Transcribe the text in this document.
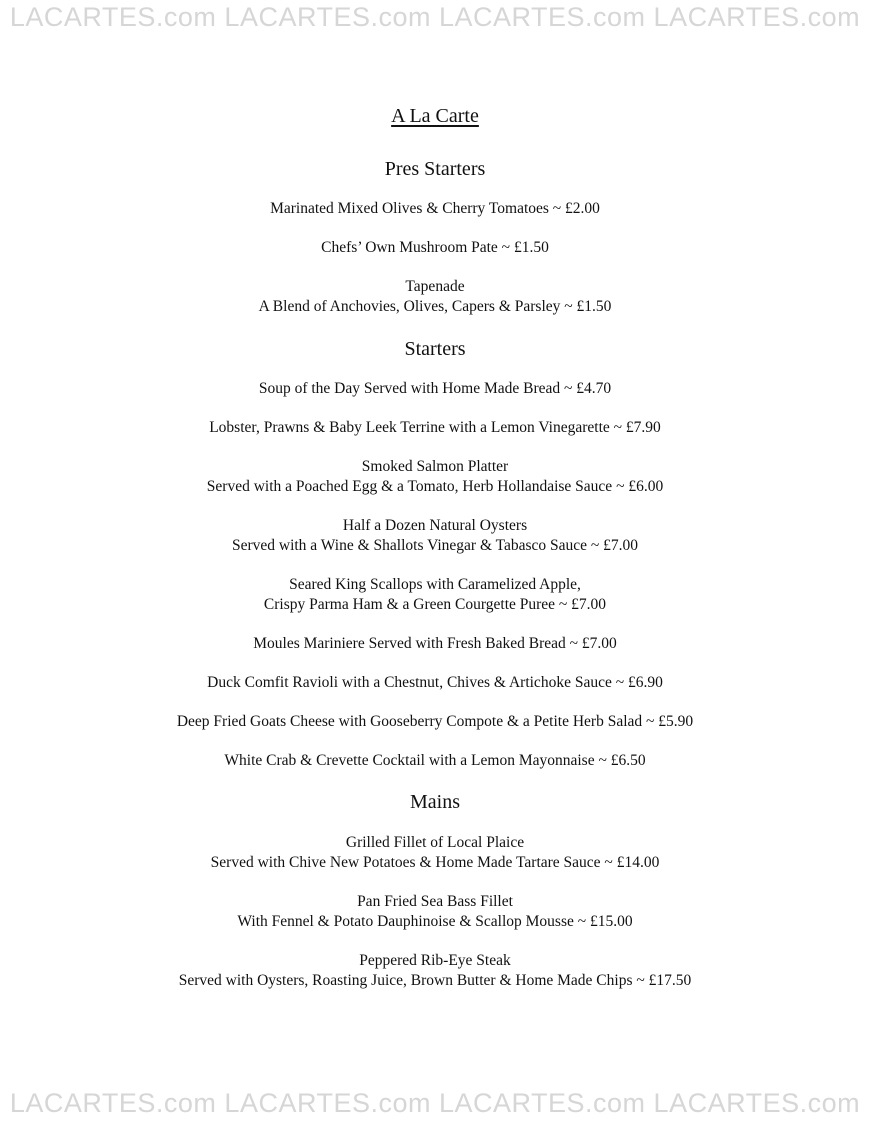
LACARTES.com LACARTES.com LACARTES.com LACARTES.com
A La Carte
Pres Starters
Marinated Mixed Olives & Cherry Tomatoes ~ £2.00
Chefs’ Own Mushroom Pate ~ £1.50
Tapenade
A Blend of Anchovies, Olives, Capers & Parsley ~ £1.50
Starters
Soup of the Day Served with Home Made Bread ~ £4.70
Lobster, Prawns & Baby Leek Terrine with a Lemon Vinegarette ~ £7.90
Smoked Salmon Platter
Served with a Poached Egg & a Tomato, Herb Hollandaise Sauce ~ £6.00
Half a Dozen Natural Oysters
Served with a Wine & Shallots Vinegar & Tabasco Sauce ~ £7.00
Seared King Scallops with Caramelized Apple,
Crispy Parma Ham & a Green Courgette Puree ~ £7.00
Moules Mariniere Served with Fresh Baked Bread ~ £7.00
Duck Comfit Ravioli with a Chestnut, Chives & Artichoke Sauce ~ £6.90
Deep Fried Goats Cheese with Gooseberry Compote & a Petite Herb Salad ~ £5.90
White Crab & Crevette Cocktail with a Lemon Mayonnaise ~ £6.50
Mains
Grilled Fillet of Local Plaice
Served with Chive New Potatoes & Home Made Tartare Sauce ~ £14.00
Pan Fried Sea Bass Fillet
With Fennel & Potato Dauphinoise & Scallop Mousse ~ £15.00
Peppered Rib-Eye Steak
Served with Oysters, Roasting Juice, Brown Butter & Home Made Chips ~ £17.50
LACARTES.com LACARTES.com LACARTES.com LACARTES.com
